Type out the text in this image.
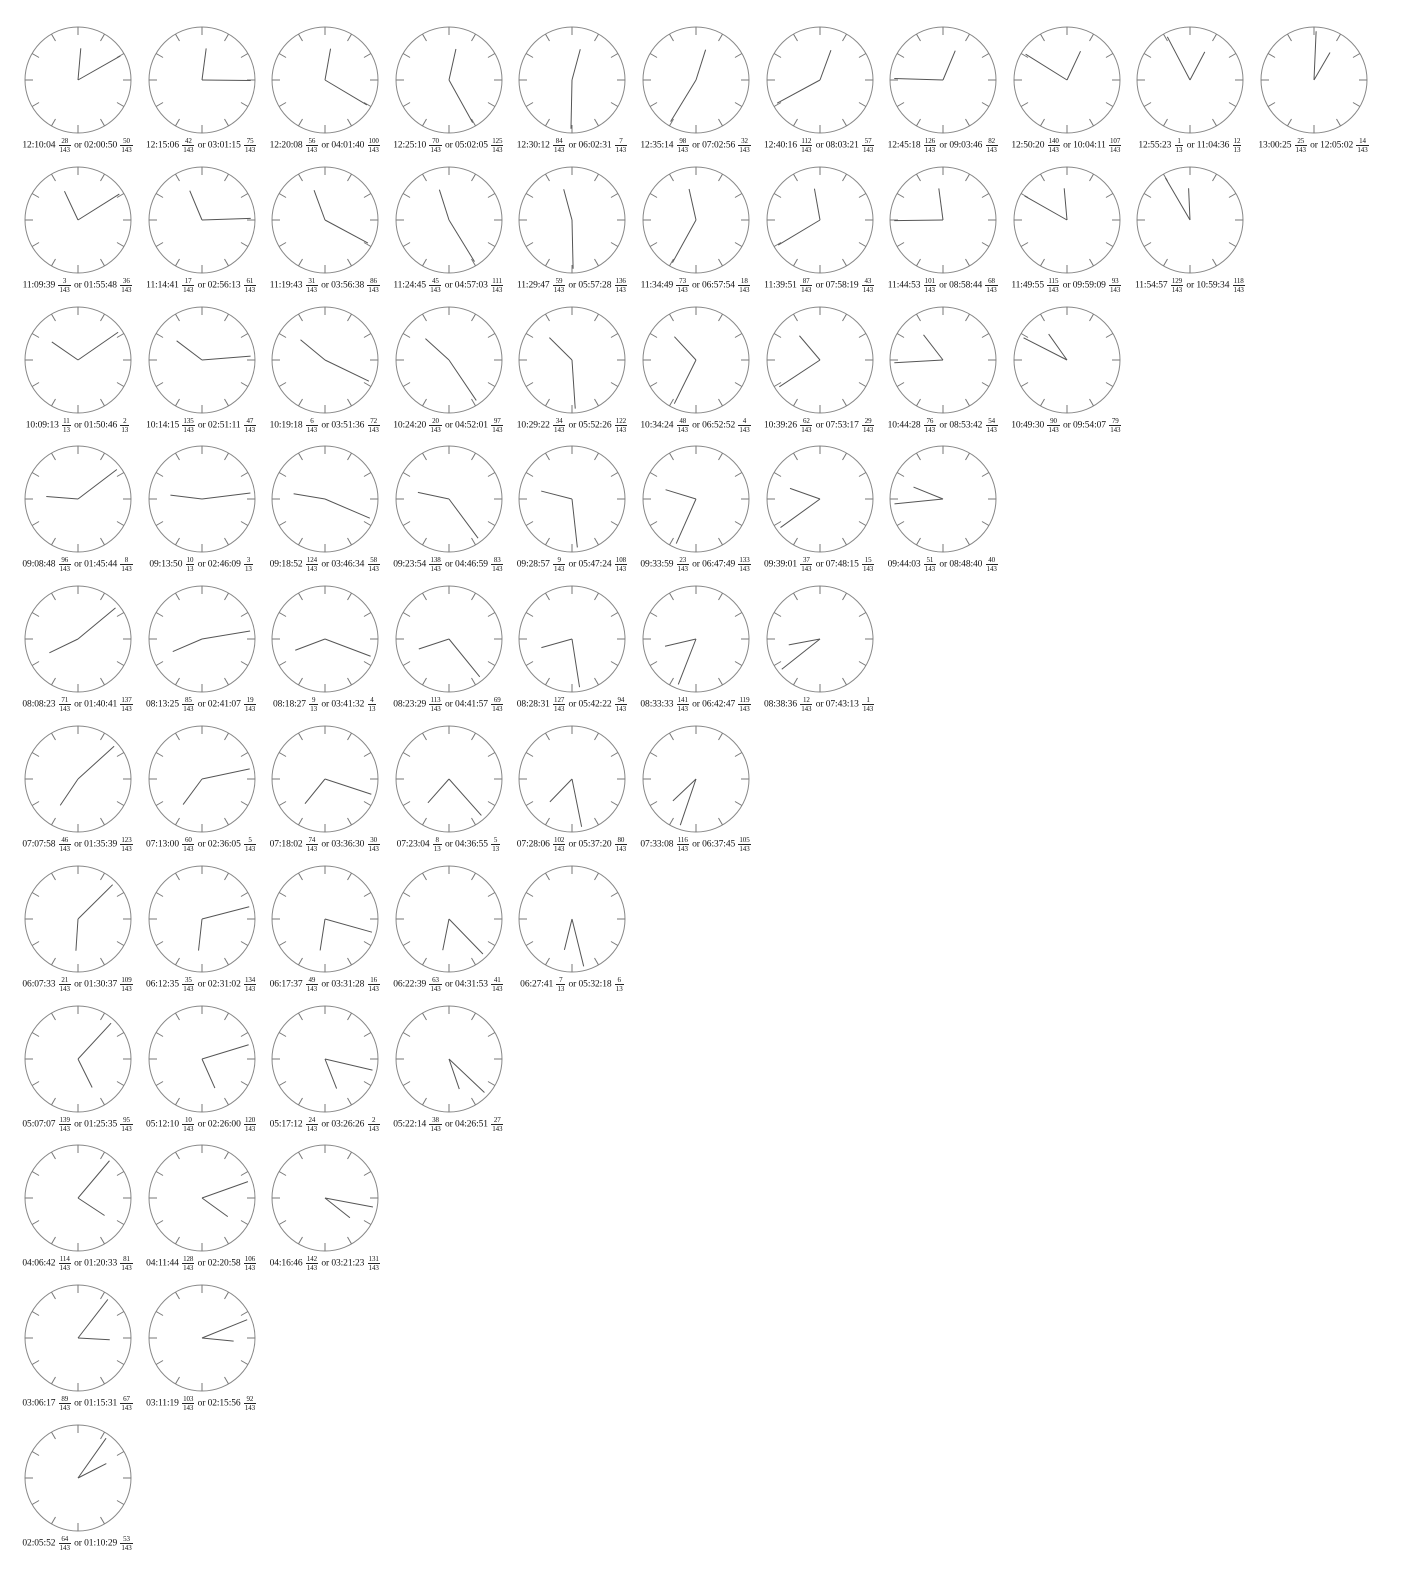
12:10:04 $\frac{28}{143}$ or 02:00:50 $\frac{50}{143}$	12:15:06 $\frac{42}{143}$ or 03:01:15 $\frac{75}{143}$	12:20:08 $\frac{56}{143}$ or 04:01:40 $\frac{100}{143}$	12:25:10 $\frac{70}{143}$ or 05:02:05 $\frac{125}{143}$	12:30:12 $\frac{84}{143}$ or 06:02:31 $\frac{7}{143}$	12:35:14 $\frac{98}{143}$ or 07:02:56 $\frac{32}{143}$	12:40:16 $\frac{112}{143}$ or 08:03:21 $\frac{57}{143}$	12:45:18 $\frac{126}{143}$ or 09:03:46 $\frac{82}{143}$	12:50:20 $\frac{140}{143}$ or 10:04:11 $\frac{107}{143}$	12:55:23 $\frac{1}{13}$ or 11:04:36 $\frac{12}{13}$	13:00:25 $\frac{25}{143}$ or 12:05:02 $\frac{14}{143}$
11:09:39 $\frac{3}{143}$ or 01:55:48 $\frac{36}{143}$	11:14:41 $\frac{17}{143}$ or 02:56:13 $\frac{61}{143}$	11:19:43 $\frac{31}{143}$ or 03:56:38 $\frac{86}{143}$	11:24:45 $\frac{45}{143}$ or 04:57:03 $\frac{111}{143}$	11:29:47 $\frac{59}{143}$ or 05:57:28 $\frac{136}{143}$	11:34:49 $\frac{73}{143}$ or 06:57:54 $\frac{18}{143}$	11:39:51 $\frac{87}{143}$ or 07:58:19 $\frac{43}{143}$	11:44:53 $\frac{101}{143}$ or 08:58:44 $\frac{68}{143}$	11:49:55 $\frac{115}{143}$ or 09:59:09 $\frac{93}{143}$	11:54:57 $\frac{129}{143}$ or 10:59:34 $\frac{118}{143}$
10:09:13 $\frac{11}{13}$ or 01:50:46 $\frac{2}{13}$	10:14:15 $\frac{135}{143}$ or 02:51:11 $\frac{47}{143}$	10:19:18 $\frac{6}{143}$ or 03:51:36 $\frac{72}{143}$	10:24:20 $\frac{20}{143}$ or 04:52:01 $\frac{97}{143}$	10:29:22 $\frac{34}{143}$ or 05:52:26 $\frac{122}{143}$	10:34:24 $\frac{48}{143}$ or 06:52:52 $\frac{4}{143}$	10:39:26 $\frac{62}{143}$ or 07:53:17 $\frac{29}{143}$	10:44:28 $\frac{76}{143}$ or 08:53:42 $\frac{54}{143}$	10:49:30 $\frac{90}{143}$ or 09:54:07 $\frac{79}{143}$
09:08:48 $\frac{96}{143}$ or 01:45:44 $\frac{8}{143}$	09:13:50 $\frac{10}{13}$ or 02:46:09 $\frac{3}{13}$	09:18:52 $\frac{124}{143}$ or 03:46:34 $\frac{58}{143}$	09:23:54 $\frac{138}{143}$ or 04:46:59 $\frac{83}{143}$	09:28:57 $\frac{9}{143}$ or 05:47:24 $\frac{108}{143}$	09:33:59 $\frac{23}{143}$ or 06:47:49 $\frac{133}{143}$	09:39:01 $\frac{37}{143}$ or 07:48:15 $\frac{15}{143}$	09:44:03 $\frac{51}{143}$ or 08:48:40 $\frac{40}{143}$
08:08:23 $\frac{71}{143}$ or 01:40:41 $\frac{137}{143}$	08:13:25 $\frac{85}{143}$ or 02:41:07 $\frac{19}{143}$	08:18:27 $\frac{9}{13}$ or 03:41:32 $\frac{4}{13}$	08:23:29 $\frac{113}{143}$ or 04:41:57 $\frac{69}{143}$	08:28:31 $\frac{127}{143}$ or 05:42:22 $\frac{94}{143}$	08:33:33 $\frac{141}{143}$ or 06:42:47 $\frac{119}{143}$	08:38:36 $\frac{12}{143}$ or 07:43:13 $\frac{1}{143}$
07:07:58 $\frac{46}{143}$ or 01:35:39 $\frac{123}{143}$	07:13:00 $\frac{60}{143}$ or 02:36:05 $\frac{5}{143}$	07:18:02 $\frac{74}{143}$ or 03:36:30 $\frac{30}{143}$	07:23:04 $\frac{8}{13}$ or 04:36:55 $\frac{5}{13}$	07:28:06 $\frac{102}{143}$ or 05:37:20 $\frac{80}{143}$	07:33:08 $\frac{116}{143}$ or 06:37:45 $\frac{105}{143}$
06:07:33 $\frac{21}{143}$ or 01:30:37 $\frac{109}{143}$	06:12:35 $\frac{35}{143}$ or 02:31:02 $\frac{134}{143}$	06:17:37 $\frac{49}{143}$ or 03:31:28 $\frac{16}{143}$	06:22:39 $\frac{63}{143}$ or 04:31:53 $\frac{41}{143}$	06:27:41 $\frac{7}{13}$ or 05:32:18 $\frac{6}{13}$
05:07:07 $\frac{139}{143}$ or 01:25:35 $\frac{95}{143}$	05:12:10 $\frac{10}{143}$ or 02:26:00 $\frac{120}{143}$	05:17:12 $\frac{24}{143}$ or 03:26:26 $\frac{2}{143}$	05:22:14 $\frac{38}{143}$ or 04:26:51 $\frac{27}{143}$
04:06:42 $\frac{114}{143}$ or 01:20:33 $\frac{81}{143}$	04:11:44 $\frac{128}{143}$ or 02:20:58 $\frac{106}{143}$	04:16:46 $\frac{142}{143}$ or 03:21:23 $\frac{131}{143}$
03:06:17 $\frac{89}{143}$ or 01:15:31 $\frac{67}{143}$	03:11:19 $\frac{103}{143}$ or 02:15:56 $\frac{92}{143}$
02:05:52 $\frac{64}{143}$ or 01:10:29 $\frac{53}{143}$
